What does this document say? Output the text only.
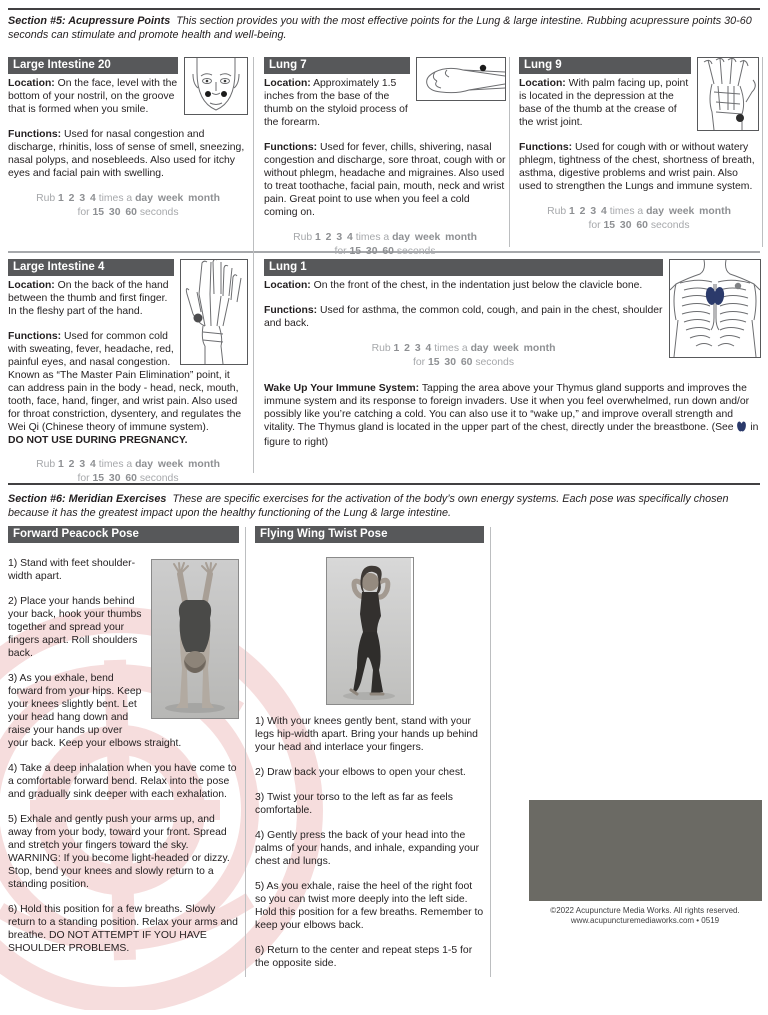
Section #5: Acupressure Points This section provides you with the most effective points for the Lung & large intestine. Rubbing acupressure points 30-60 seconds can stimulate and promote health and well-being.

Large Intestine 20

Location: On the face, level with the bottom of your nostril, on the groove that is formed when you smile.

Functions: Used for nasal congestion and discharge, rhinitis, loss of sense of smell, sneezing, nasal polyps, and nosebleeds. Also used for itchy eyes and facial pain with swelling.

Rub 1 2 3 4 times a day week month
for 15 30 60 seconds
Lung 7

Location: Approximately 1.5 inches from the base of the thumb on the styloid process of the forearm.

Functions: Used for fever, chills, shivering, nasal congestion and discharge, sore throat, cough with or without phlegm, headache and migraines. Also used to treat toothache, facial pain, mouth, neck and wrist pain. Great point to use when you feel a cold coming on.

Rub 1 2 3 4 times a day week month
for 15 30 60 seconds
Lung 9

Location: With palm facing up, point is located in the depression at the base of the thumb at the crease of the wrist joint.

Functions: Used for cough with or without watery phlegm, tightness of the chest, shortness of breath, asthma, digestive problems and wrist pain. Also used to strengthen the Lungs and immune system.

Rub 1 2 3 4 times a day week month
for 15 30 60 seconds
Large Intestine 4

Location: On the back of the hand between the thumb and first finger. In the fleshy part of the hand.

Functions: Used for common cold with sweating, fever, headache, red, painful eyes, and nasal congestion. Known as “The Master Pain Elimination” point, it can address pain in the body - head, neck, mouth, tooth, face, hand, finger, and wrist pain. Also used for throat constriction, dysentery, and regulates the Wei Qi (Chinese theory of immune system).
DO NOT USE DURING PREGNANCY.

Rub 1 2 3 4 times a day week month
for 15 30 60 seconds
Lung 1

Location: On the front of the chest, in the indentation just below the clavicle bone.

Functions: Used for asthma, the common cold, cough, and pain in the chest, shoulder and back.

Rub 1 2 3 4 times a day week month
for 15 30 60 seconds

Wake Up Your Immune System: Tapping the area above your Thymus gland supports and improves the immune system and its response to foreign invaders. Use it when you feel overwhelmed, run down and/or possibly like you’re catching a cold. You can also use it to “wake up,” and improve overall strength and vitality. The Thymus gland is located in the upper part of the chest, directly under the breastbone. (See in figure to right)

Section #6: Meridian Exercises These are specific exercises for the activation of the body’s own energy systems. Each pose was specifically chosen because it has the greatest impact upon the healthy functioning of the Lung & large intestine.

Forward Peacock Pose

1) Stand with feet shoulder-width apart.

2) Place your hands behind your back, hook your thumbs together and spread your fingers apart. Roll shoulders back.

3) As you exhale, bend forward from your hips. Keep your knees slightly bent. Let your head hang down and raise your hands up over your back. Keep your elbows straight.

4) Take a deep inhalation when you have come to a comfortable forward bend. Relax into the pose and gradually sink deeper with each exhalation.

5) Exhale and gently push your arms up, and away from your body, toward your front. Spread and stretch your fingers toward the sky. WARNING: If you become light-headed or dizzy. Stop, bend your knees and slowly return to a standing position.

6) Hold this position for a few breaths. Slowly return to a standing position. Relax your arms and breathe. DO NOT ATTEMPT IF YOU HAVE SHOULDER PROBLEMS.

Flying Wing Twist Pose

1) With your knees gently bent, stand with your legs hip-width apart. Bring your hands up behind your head and interlace your fingers.

2) Draw back your elbows to open your chest.

3) Twist your torso to the left as far as feels comfortable.

4) Gently press the back of your head into the palms of your hands, and inhale, expanding your chest and lungs.

5) As you exhale, raise the heel of the right foot so you can twist more deeply into the left side. Hold this position for a few breaths. Remember to keep your elbows back.

6) Return to the center and repeat steps 1-5 for the opposite side.

©2022 Acupuncture Media Works. All rights reserved.
www.acupuncturemediaworks.com • 0519
